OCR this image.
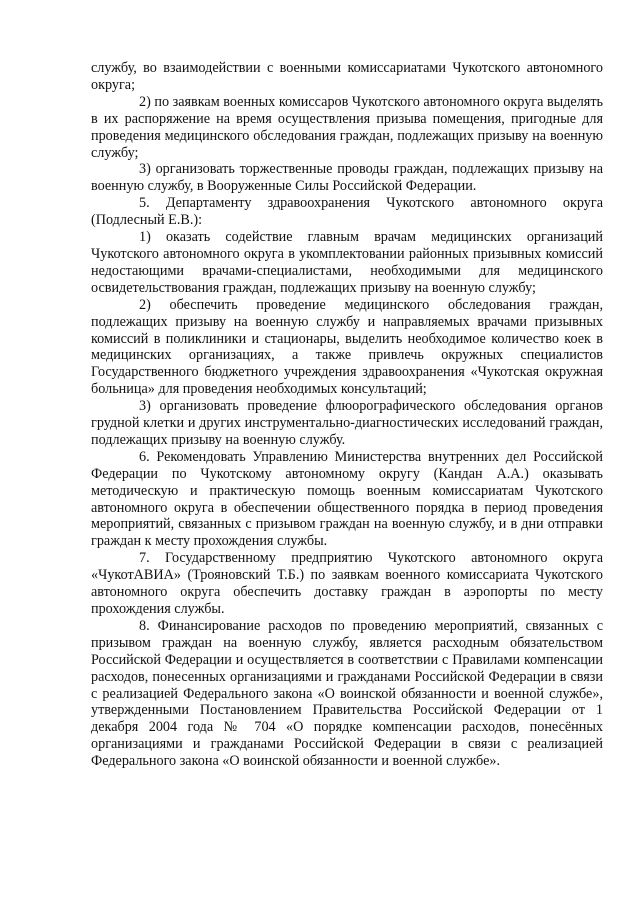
службу, во взаимодействии с военными комиссариатами Чукотского автономного округа;

2) по заявкам военных комиссаров Чукотского автономного округа выделять в их распоряжение на время осуществления призыва помещения, пригодные для проведения медицинского обследования граждан, подлежащих призыву на военную службу;

3) организовать торжественные проводы граждан, подлежащих призыву на военную службу, в Вооруженные Силы Российской Федерации.

5. Департаменту здравоохранения Чукотского автономного округа (Подлесный Е.В.):

1) оказать содействие главным врачам медицинских организаций Чукотского автономного округа в укомплектовании районных призывных комиссий недостающими врачами-специалистами, необходимыми для медицинского освидетельствования граждан, подлежащих призыву на военную службу;

2) обеспечить проведение медицинского обследования граждан, подлежащих призыву на военную службу и направляемых врачами призывных комиссий в поликлиники и стационары, выделить необходимое количество коек в медицинских организациях, а также привлечь окружных специалистов Государственного бюджетного учреждения здравоохранения «Чукотская окружная больница» для проведения необходимых консультаций;

3) организовать проведение флюорографического обследования органов грудной клетки и других инструментально-диагностических исследований граждан, подлежащих призыву на военную службу.

6. Рекомендовать Управлению Министерства внутренних дел Российской Федерации по Чукотскому автономному округу (Кандан А.А.) оказывать методическую и практическую помощь военным комиссариатам Чукотского автономного округа в обеспечении общественного порядка в период проведения мероприятий, связанных с призывом граждан на военную службу, и в дни отправки граждан к месту прохождения службы.

7. Государственному предприятию Чукотского автономного округа «ЧукотАВИА» (Трояновский Т.Б.) по заявкам военного комиссариата Чукотского автономного округа обеспечить доставку граждан в аэропорты по месту прохождения службы.

8. Финансирование расходов по проведению мероприятий, связанных с призывом граждан на военную службу, является расходным обязательством Российской Федерации и осуществляется в соответствии с Правилами компенсации расходов, понесенных организациями и гражданами Российской Федерации в связи с реализацией Федерального закона «О воинской обязанности и военной службе», утвержденными Постановлением Правительства Российской Федерации от 1 декабря 2004 года № 704 «О порядке компенсации расходов, понесённых организациями и гражданами Российской Федерации в связи с реализацией Федерального закона «О воинской обязанности и военной службе».
